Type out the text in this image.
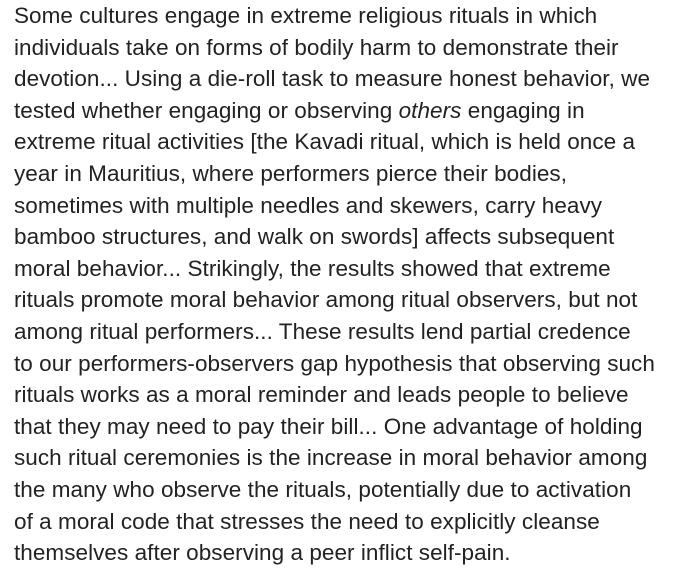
Some cultures engage in extreme religious rituals in which
individuals take on forms of bodily harm to demonstrate their
devotion... Using a die-roll task to measure honest behavior, we
tested whether engaging or observing others engaging in
extreme ritual activities [the Kavadi ritual, which is held once a
year in Mauritius, where performers pierce their bodies,
sometimes with multiple needles and skewers, carry heavy
bamboo structures, and walk on swords] affects subsequent
moral behavior... Strikingly, the results showed that extreme
rituals promote moral behavior among ritual observers, but not
among ritual performers... These results lend partial credence
to our performers-observers gap hypothesis that observing such
rituals works as a moral reminder and leads people to believe
that they may need to pay their bill... One advantage of holding
such ritual ceremonies is the increase in moral behavior among
the many who observe the rituals, potentially due to activation
of a moral code that stresses the need to explicitly cleanse
themselves after observing a peer inflict self-pain.
